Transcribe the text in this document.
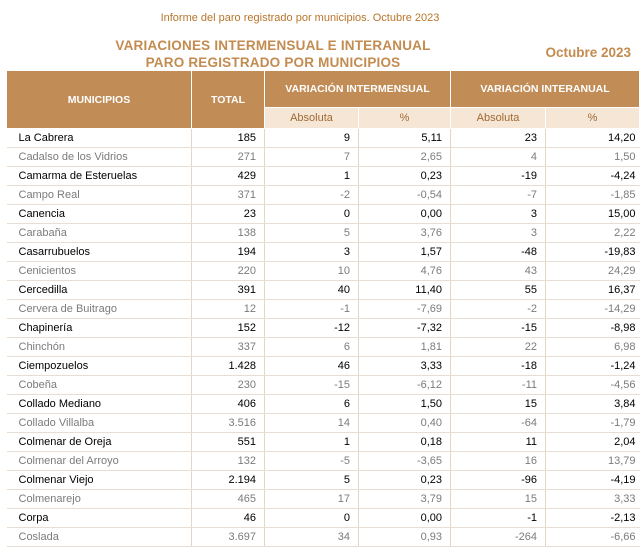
Informe del paro registrado por municipios. Octubre 2023
VARIACIONES INTERMENSUAL E INTERANUAL
PARO REGISTRADO POR MUNICIPIOS
Octubre 2023
MUNICIPIOS	TOTAL	VARIACIÓN INTERMENSUAL		VARIACIÓN INTERANUAL	
		Absoluta	%	Absoluta	%
La Cabrera	185	9	5,11	23	14,20
Cadalso de los Vidrios	271	7	2,65	4	1,50
Camarma de Esteruelas	429	1	0,23	-19	-4,24
Campo Real	371	-2	-0,54	-7	-1,85
Canencia	23	0	0,00	3	15,00
Carabaña	138	5	3,76	3	2,22
Casarrubuelos	194	3	1,57	-48	-19,83
Cenicientos	220	10	4,76	43	24,29
Cercedilla	391	40	11,40	55	16,37
Cervera de Buitrago	12	-1	-7,69	-2	-14,29
Chapinería	152	-12	-7,32	-15	-8,98
Chinchón	337	6	1,81	22	6,98
Ciempozuelos	1.428	46	3,33	-18	-1,24
Cobeña	230	-15	-6,12	-11	-4,56
Collado Mediano	406	6	1,50	15	3,84
Collado Villalba	3.516	14	0,40	-64	-1,79
Colmenar de Oreja	551	1	0,18	11	2,04
Colmenar del Arroyo	132	-5	-3,65	16	13,79
Colmenar Viejo	2.194	5	0,23	-96	-4,19
Colmenarejo	465	17	3,79	15	3,33
Corpa	46	0	0,00	-1	-2,13
Coslada	3.697	34	0,93	-264	-6,66
